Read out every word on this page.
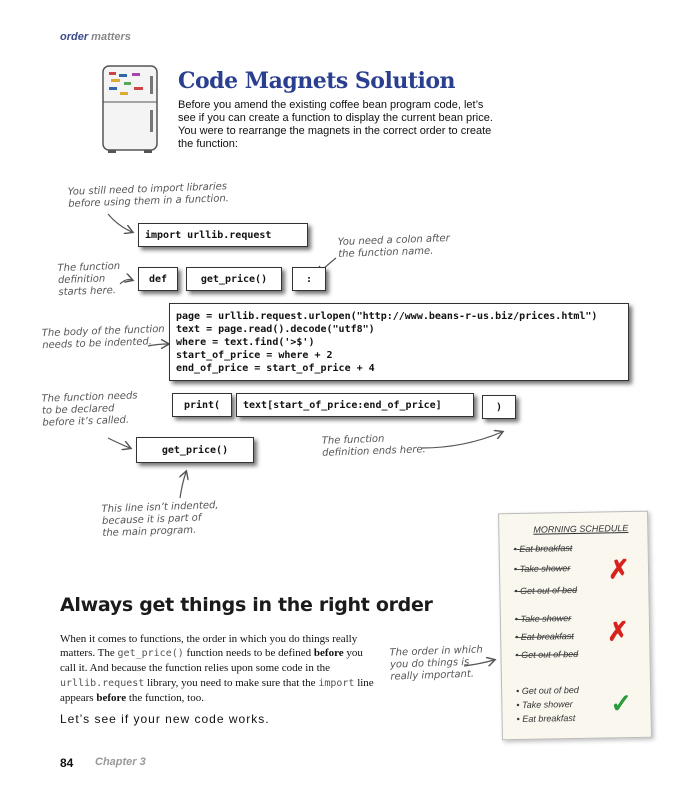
order matters
Code Magnets Solution
Before you amend the existing coffee bean program code, let’s see if you can create a function to display the current bean price. You were to rearrange the magnets in the correct order to create the function:
You still need to import libraries
before using them in a function.
You need a colon after
the function name.
The function
definition
starts here.
The body of the function
needs to be indented.
The function needs
to be declared
before it’s called.
The function
definition ends here.
This line isn’t indented,
because it is part of
the main program.
The order in which
you do things is
really important.
import urllib.request
def	get_price()	:
page = urllib.request.urlopen("http://www.beans-r-us.biz/prices.html")
text = page.read().decode("utf8")
where = text.find('>$')
start_of_price = where + 2
end_of_price = start_of_price + 4
print(	text[start_of_price:end_of_price]	)
get_price()
Always get things in the right order
When it comes to functions, the order in which you do things really matters. The get_price() function needs to be defined before you call it. And because the function relies upon some code in the urllib.request library, you need to make sure that the import line appears before the function, too.
Let’s see if your new code works.
MORNING SCHEDULE
• Eat breakfast
• Take shower
• Get out of bed
✗
• Take shower
• Eat breakfast
• Get out of bed
✗
• Get out of bed
• Take shower
• Eat breakfast
✓
84 Chapter 3
